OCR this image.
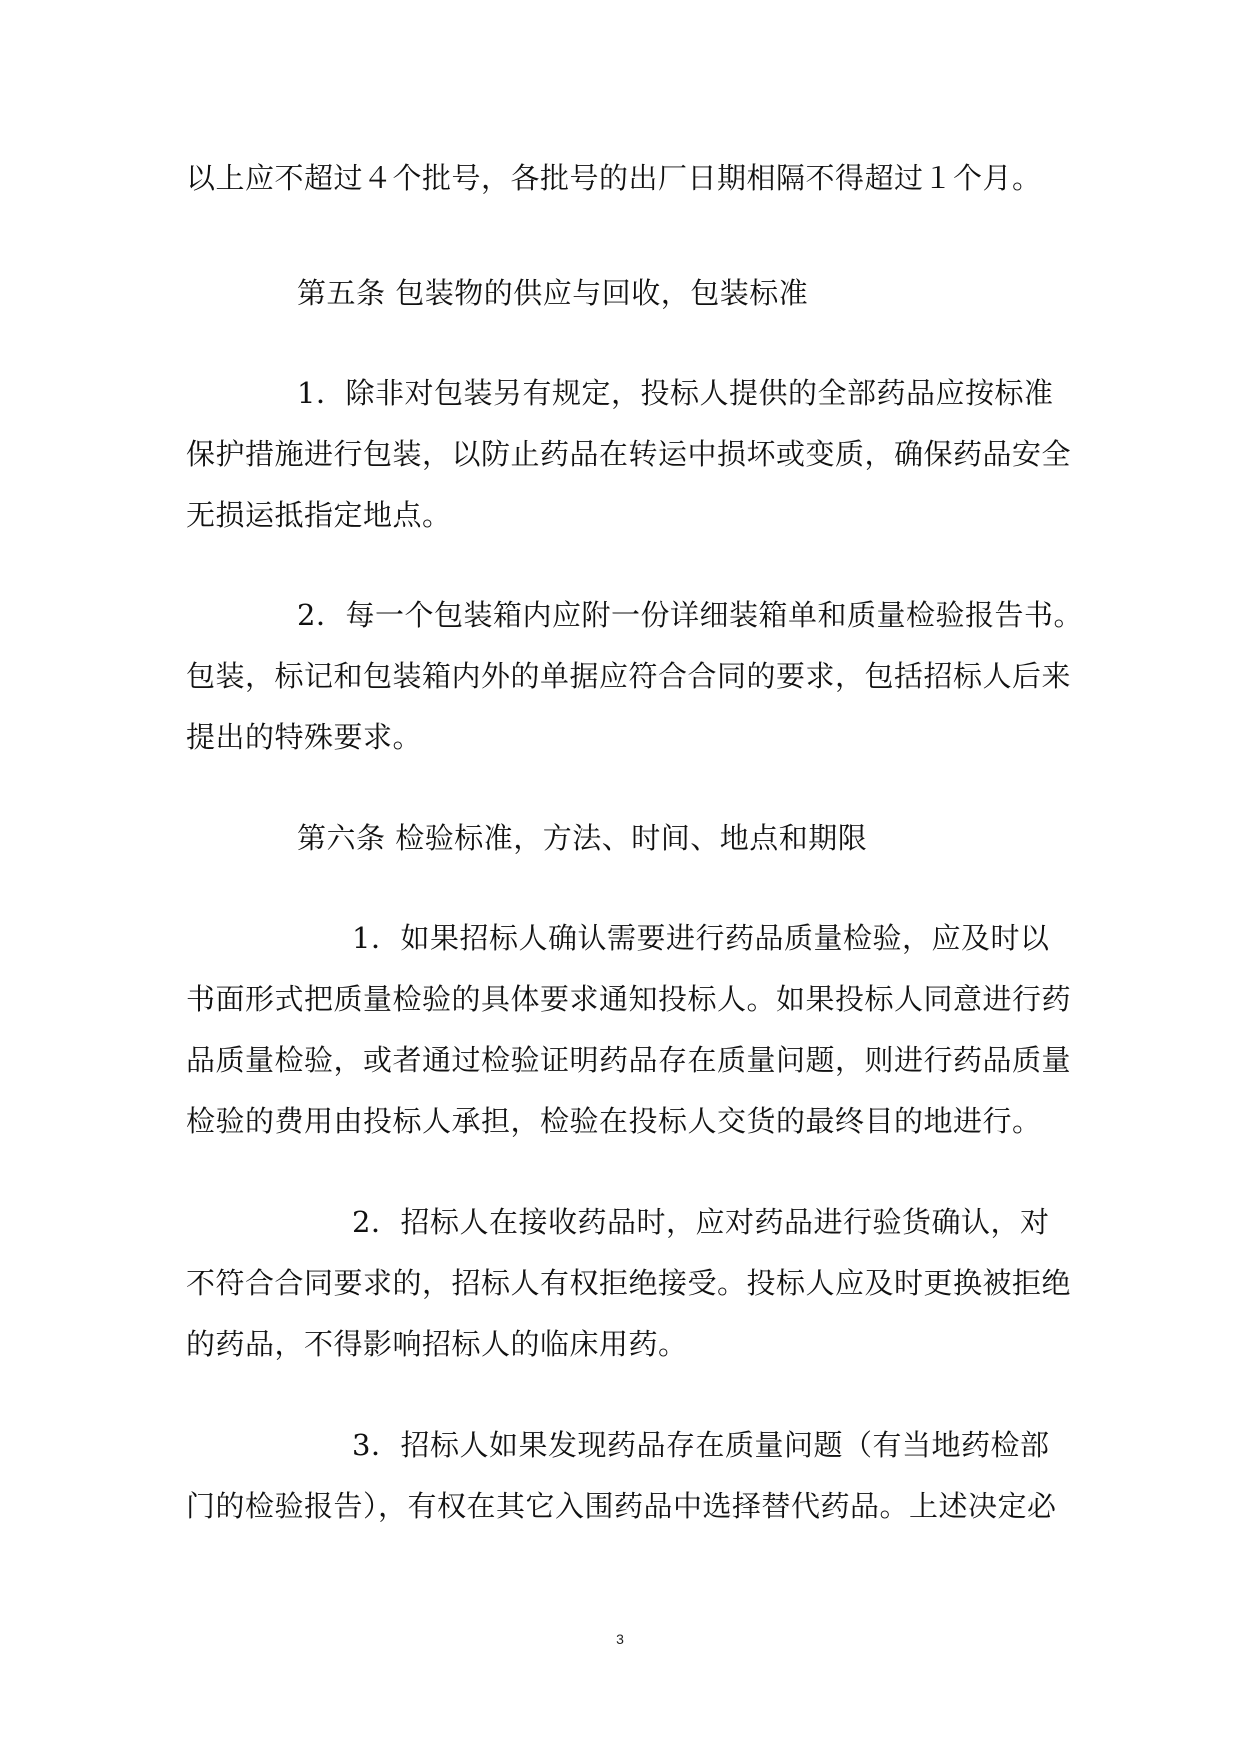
以上应不超过４个批号，各批号的出厂日期相隔不得超过１个月。
第五条 包装物的供应与回收，包装标准
1．除非对包装另有规定，投标人提供的全部药品应按标准
保护措施进行包装，以防止药品在转运中损坏或变质，确保药品安全
无损运抵指定地点。
2．每一个包装箱内应附一份详细装箱单和质量检验报告书。
包装，标记和包装箱内外的单据应符合合同的要求，包括招标人后来
提出的特殊要求。
第六条 检验标准，方法、时间、地点和期限
1．如果招标人确认需要进行药品质量检验，应及时以
书面形式把质量检验的具体要求通知投标人。如果投标人同意进行药
品质量检验，或者通过检验证明药品存在质量问题，则进行药品质量
检验的费用由投标人承担，检验在投标人交货的最终目的地进行。
2．招标人在接收药品时，应对药品进行验货确认，对
不符合合同要求的，招标人有权拒绝接受。投标人应及时更换被拒绝
的药品，不得影响招标人的临床用药。
3．招标人如果发现药品存在质量问题（有当地药检部
门的检验报告），有权在其它入围药品中选择替代药品。上述决定必
3
